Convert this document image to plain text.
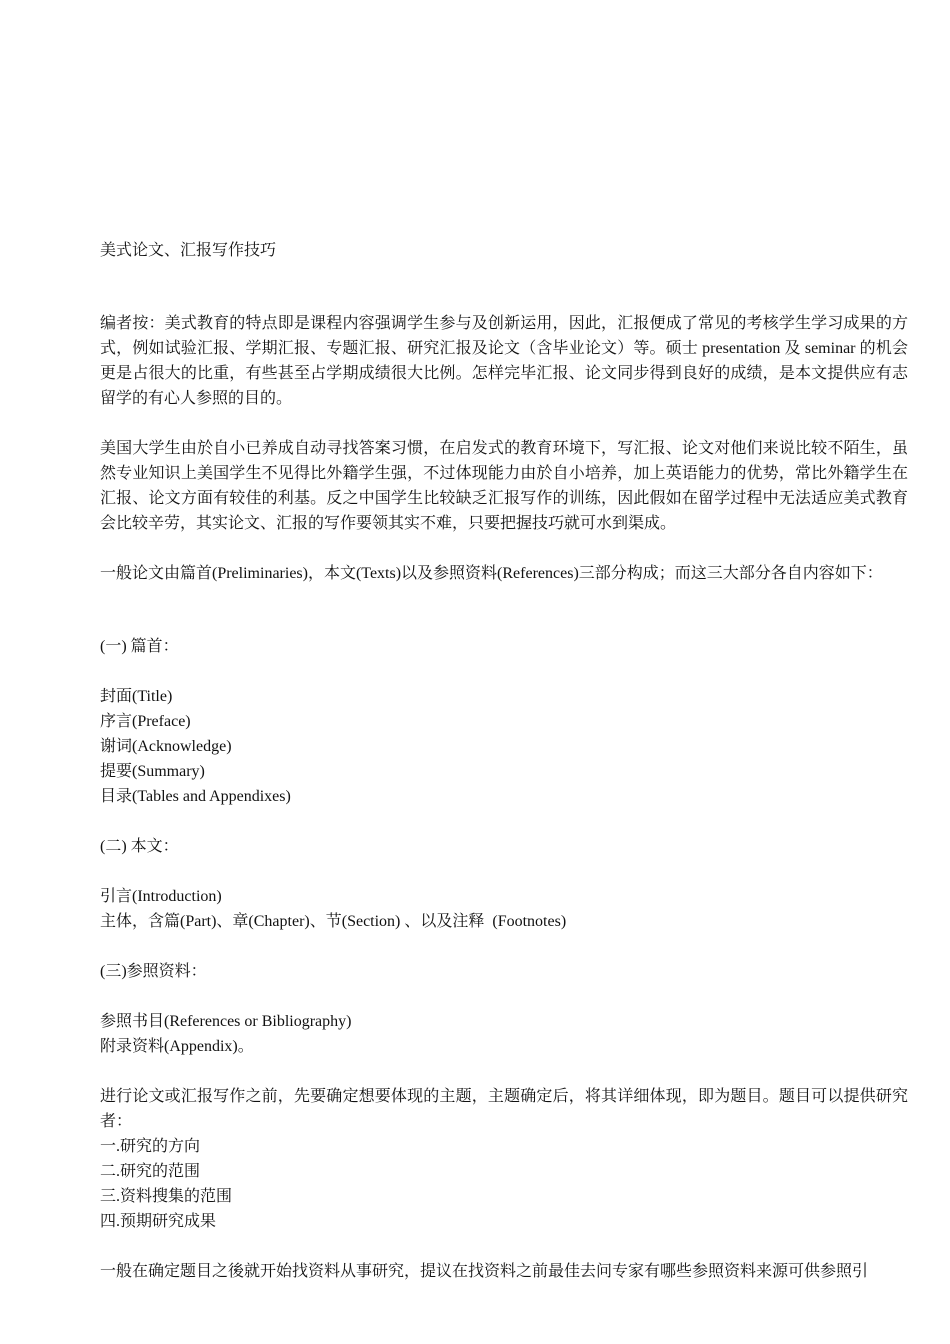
美式论文、汇报写作技巧
编者按：美式教育的特点即是课程内容强调学生参与及创新运用，因此，汇报便成了常见的考核学生学习成果的方式，例如试验汇报、学期汇报、专题汇报、研究汇报及论文（含毕业论文）等。硕士 presentation 及 seminar 的机会更是占很大的比重，有些甚至占学期成绩很大比例。怎样完毕汇报、论文同步得到良好的成绩，是本文提供应有志留学的有心人参照的目的。
美国大学生由於自小已养成自动寻找答案习惯，在启发式的教育环境下，写汇报、论文对他们来说比较不陌生，虽然专业知识上美国学生不见得比外籍学生强，不过体现能力由於自小培养，加上英语能力的优势，常比外籍学生在汇报、论文方面有较佳的利基。反之中国学生比较缺乏汇报写作的训练，因此假如在留学过程中无法适应美式教育会比较辛劳，其实论文、汇报的写作要领其实不难，只要把握技巧就可水到渠成。
一般论文由篇首(Preliminaries)，本文(Texts)以及参照资料(References)三部分构成；而这三大部分各自内容如下：
(一) 篇首：
封面(Title)
序言(Preface)
谢词(Acknowledge)
提要(Summary)
目录(Tables and Appendixes)
(二) 本文：
引言(Introduction)
主体，含篇(Part)、章(Chapter)、节(Section) 、以及注释  (Footnotes)
(三)参照资料：
参照书目(References or Bibliography)
附录资料(Appendix)。
进行论文或汇报写作之前，先要确定想要体现的主题，主题确定后，将其详细体现，即为题目。题目可以提供研究者：
一.研究的方向
二.研究的范围
三.资料搜集的范围
四.预期研究成果
一般在确定题目之後就开始找资料从事研究，提议在找资料之前最佳去问专家有哪些参照资料来源可供参照引
